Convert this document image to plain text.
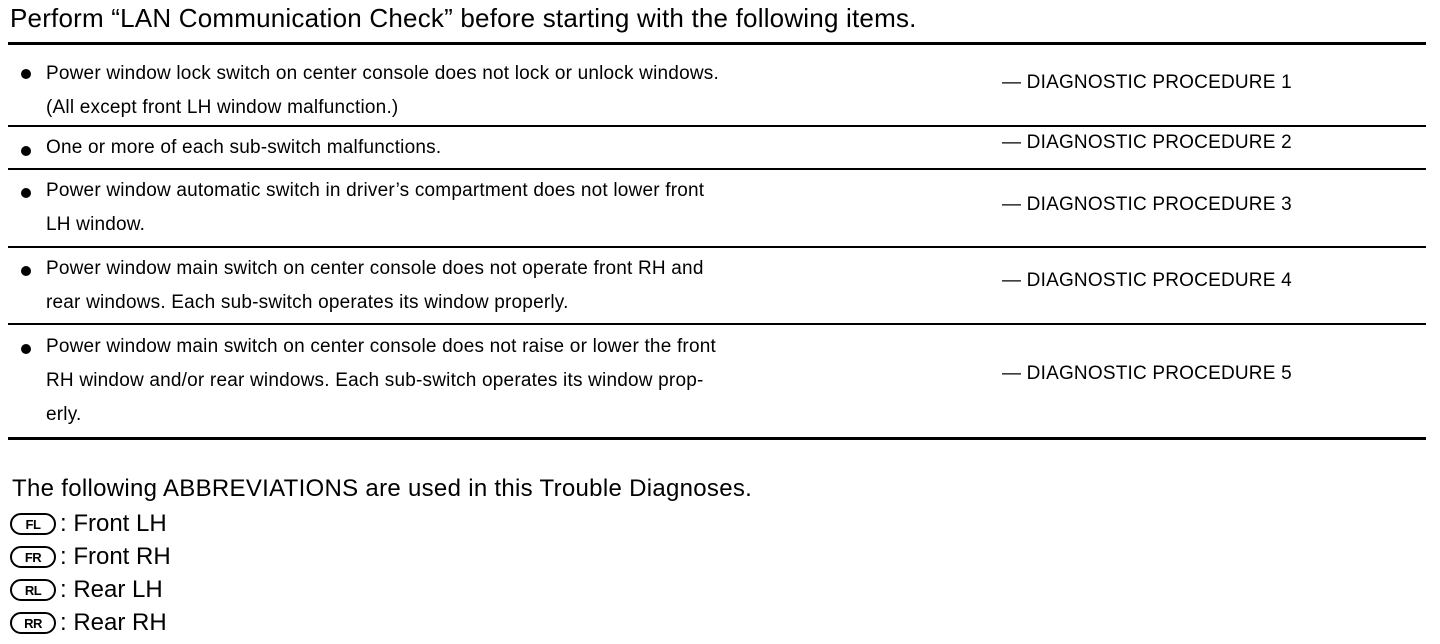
Perform “LAN Communication Check” before starting with the following items.
Power window lock switch on center console does not lock or unlock windows.
(All except front LH window malfunction.)
— DIAGNOSTIC PROCEDURE 1
One or more of each sub-switch malfunctions.	— DIAGNOSTIC PROCEDURE 2
Power window automatic switch in driver’s compartment does not lower front
LH window.
— DIAGNOSTIC PROCEDURE 3
Power window main switch on center console does not operate front RH and
rear windows. Each sub-switch operates its window properly.
— DIAGNOSTIC PROCEDURE 4
Power window main switch on center console does not raise or lower the front
RH window and/or rear windows. Each sub-switch operates its window prop-
erly.
— DIAGNOSTIC PROCEDURE 5
The following ABBREVIATIONS are used in this Trouble Diagnoses.
FL : Front LH
FR : Front RH
RL : Rear LH
RR : Rear RH
